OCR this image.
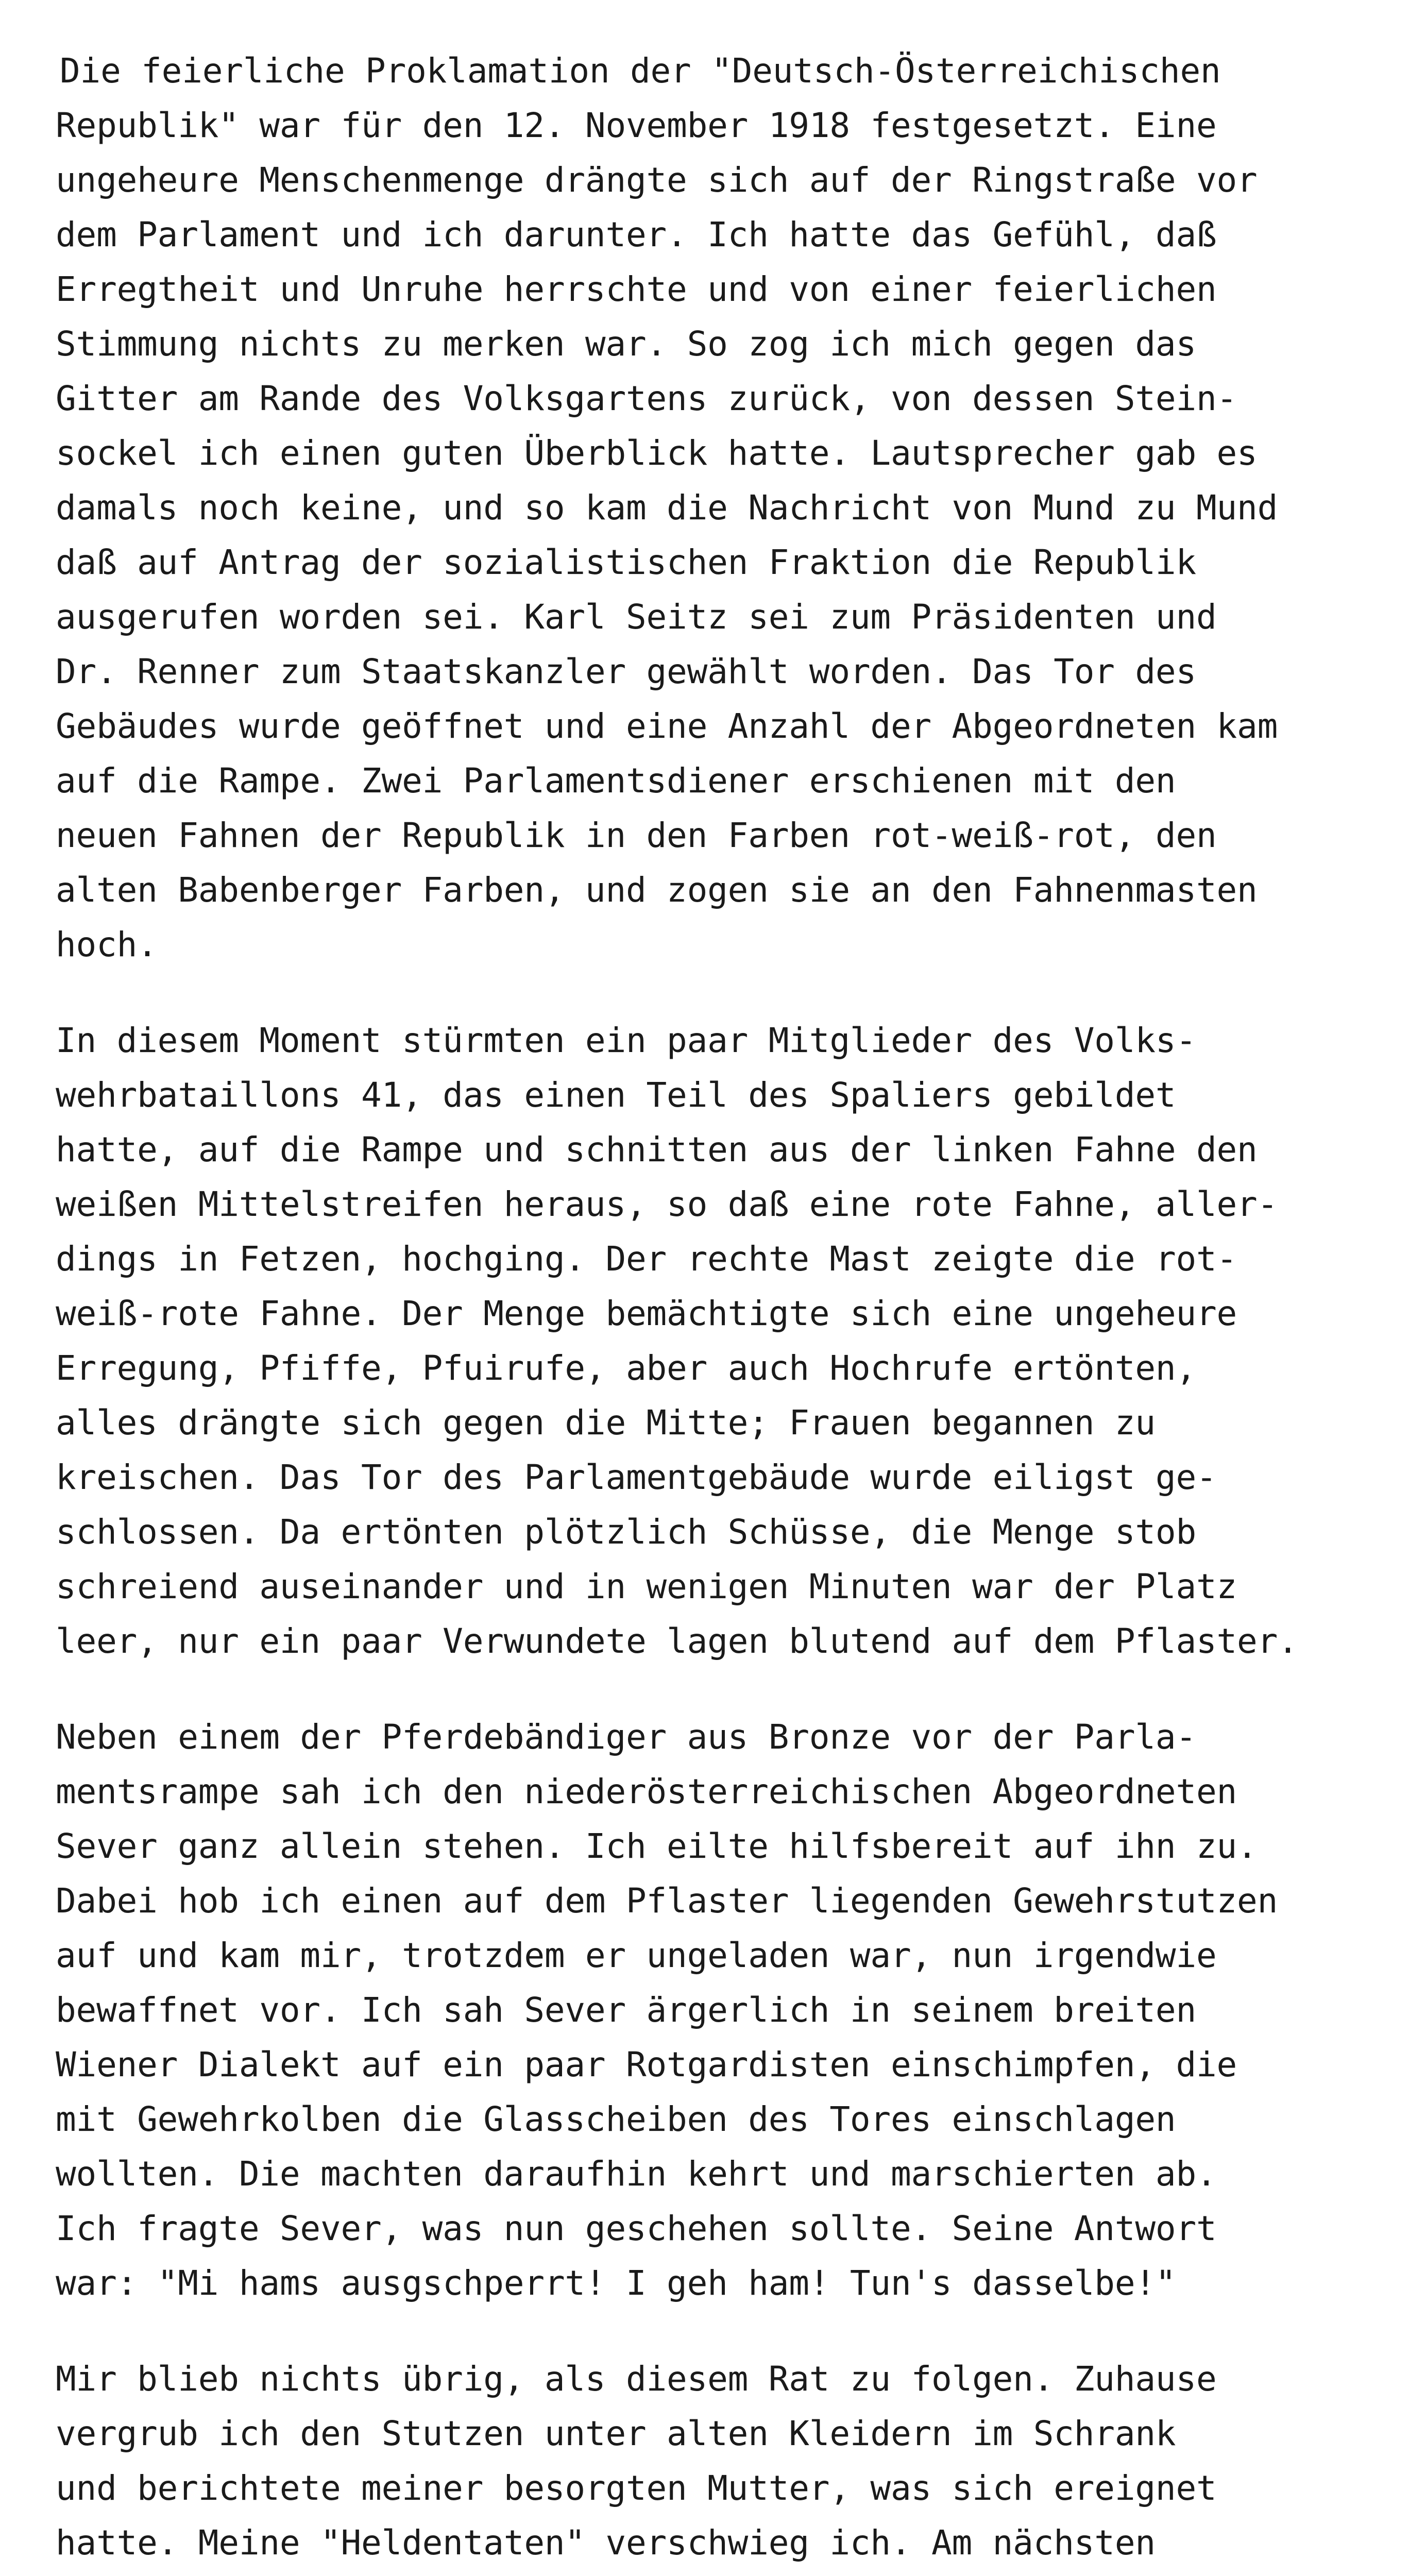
Die feierliche Proklamation der "Deutsch-Österreichischen

Republik" war für den 12. November 1918 festgesetzt. Eine

ungeheure Menschenmenge drängte sich auf der Ringstraße vor

dem Parlament und ich darunter. Ich hatte das Gefühl, daß

Erregtheit und Unruhe herrschte und von einer feierlichen

Stimmung nichts zu merken war. So zog ich mich gegen das

Gitter am Rande des Volksgartens zurück, von dessen Stein-

sockel ich einen guten Überblick hatte. Lautsprecher gab es

damals noch keine, und so kam die Nachricht von Mund zu Mund

daß auf Antrag der sozialistischen Fraktion die Republik

ausgerufen worden sei. Karl Seitz sei zum Präsidenten und

Dr. Renner zum Staatskanzler gewählt worden. Das Tor des

Gebäudes wurde geöffnet und eine Anzahl der Abgeordneten kam

auf die Rampe. Zwei Parlamentsdiener erschienen mit den

neuen Fahnen der Republik in den Farben rot-weiß-rot, den

alten Babenberger Farben, und zogen sie an den Fahnenmasten

hoch.

In diesem Moment stürmten ein paar Mitglieder des Volks-

wehrbataillons 41, das einen Teil des Spaliers gebildet

hatte, auf die Rampe und schnitten aus der linken Fahne den

weißen Mittelstreifen heraus, so daß eine rote Fahne, aller-

dings in Fetzen, hochging. Der rechte Mast zeigte die rot-

weiß-rote Fahne. Der Menge bemächtigte sich eine ungeheure

Erregung, Pfiffe, Pfuirufe, aber auch Hochrufe ertönten,

alles drängte sich gegen die Mitte; Frauen begannen zu

kreischen. Das Tor des Parlamentgebäude wurde eiligst ge-

schlossen. Da ertönten plötzlich Schüsse, die Menge stob

schreiend auseinander und in wenigen Minuten war der Platz

leer, nur ein paar Verwundete lagen blutend auf dem Pflaster.

Neben einem der Pferdebändiger aus Bronze vor der Parla-

mentsrampe sah ich den niederösterreichischen Abgeordneten

Sever ganz allein stehen. Ich eilte hilfsbereit auf ihn zu.

Dabei hob ich einen auf dem Pflaster liegenden Gewehrstutzen

auf und kam mir, trotzdem er ungeladen war, nun irgendwie

bewaffnet vor. Ich sah Sever ärgerlich in seinem breiten

Wiener Dialekt auf ein paar Rotgardisten einschimpfen, die

mit Gewehrkolben die Glasscheiben des Tores einschlagen

wollten. Die machten daraufhin kehrt und marschierten ab.

Ich fragte Sever, was nun geschehen sollte. Seine Antwort

war: "Mi hams ausgschperrt! I geh ham! Tun's dasselbe!"

Mir blieb nichts übrig, als diesem Rat zu folgen. Zuhause

vergrub ich den Stutzen unter alten Kleidern im Schrank

und berichtete meiner besorgten Mutter, was sich ereignet

hatte. Meine "Heldentaten" verschwieg ich. Am nächsten
